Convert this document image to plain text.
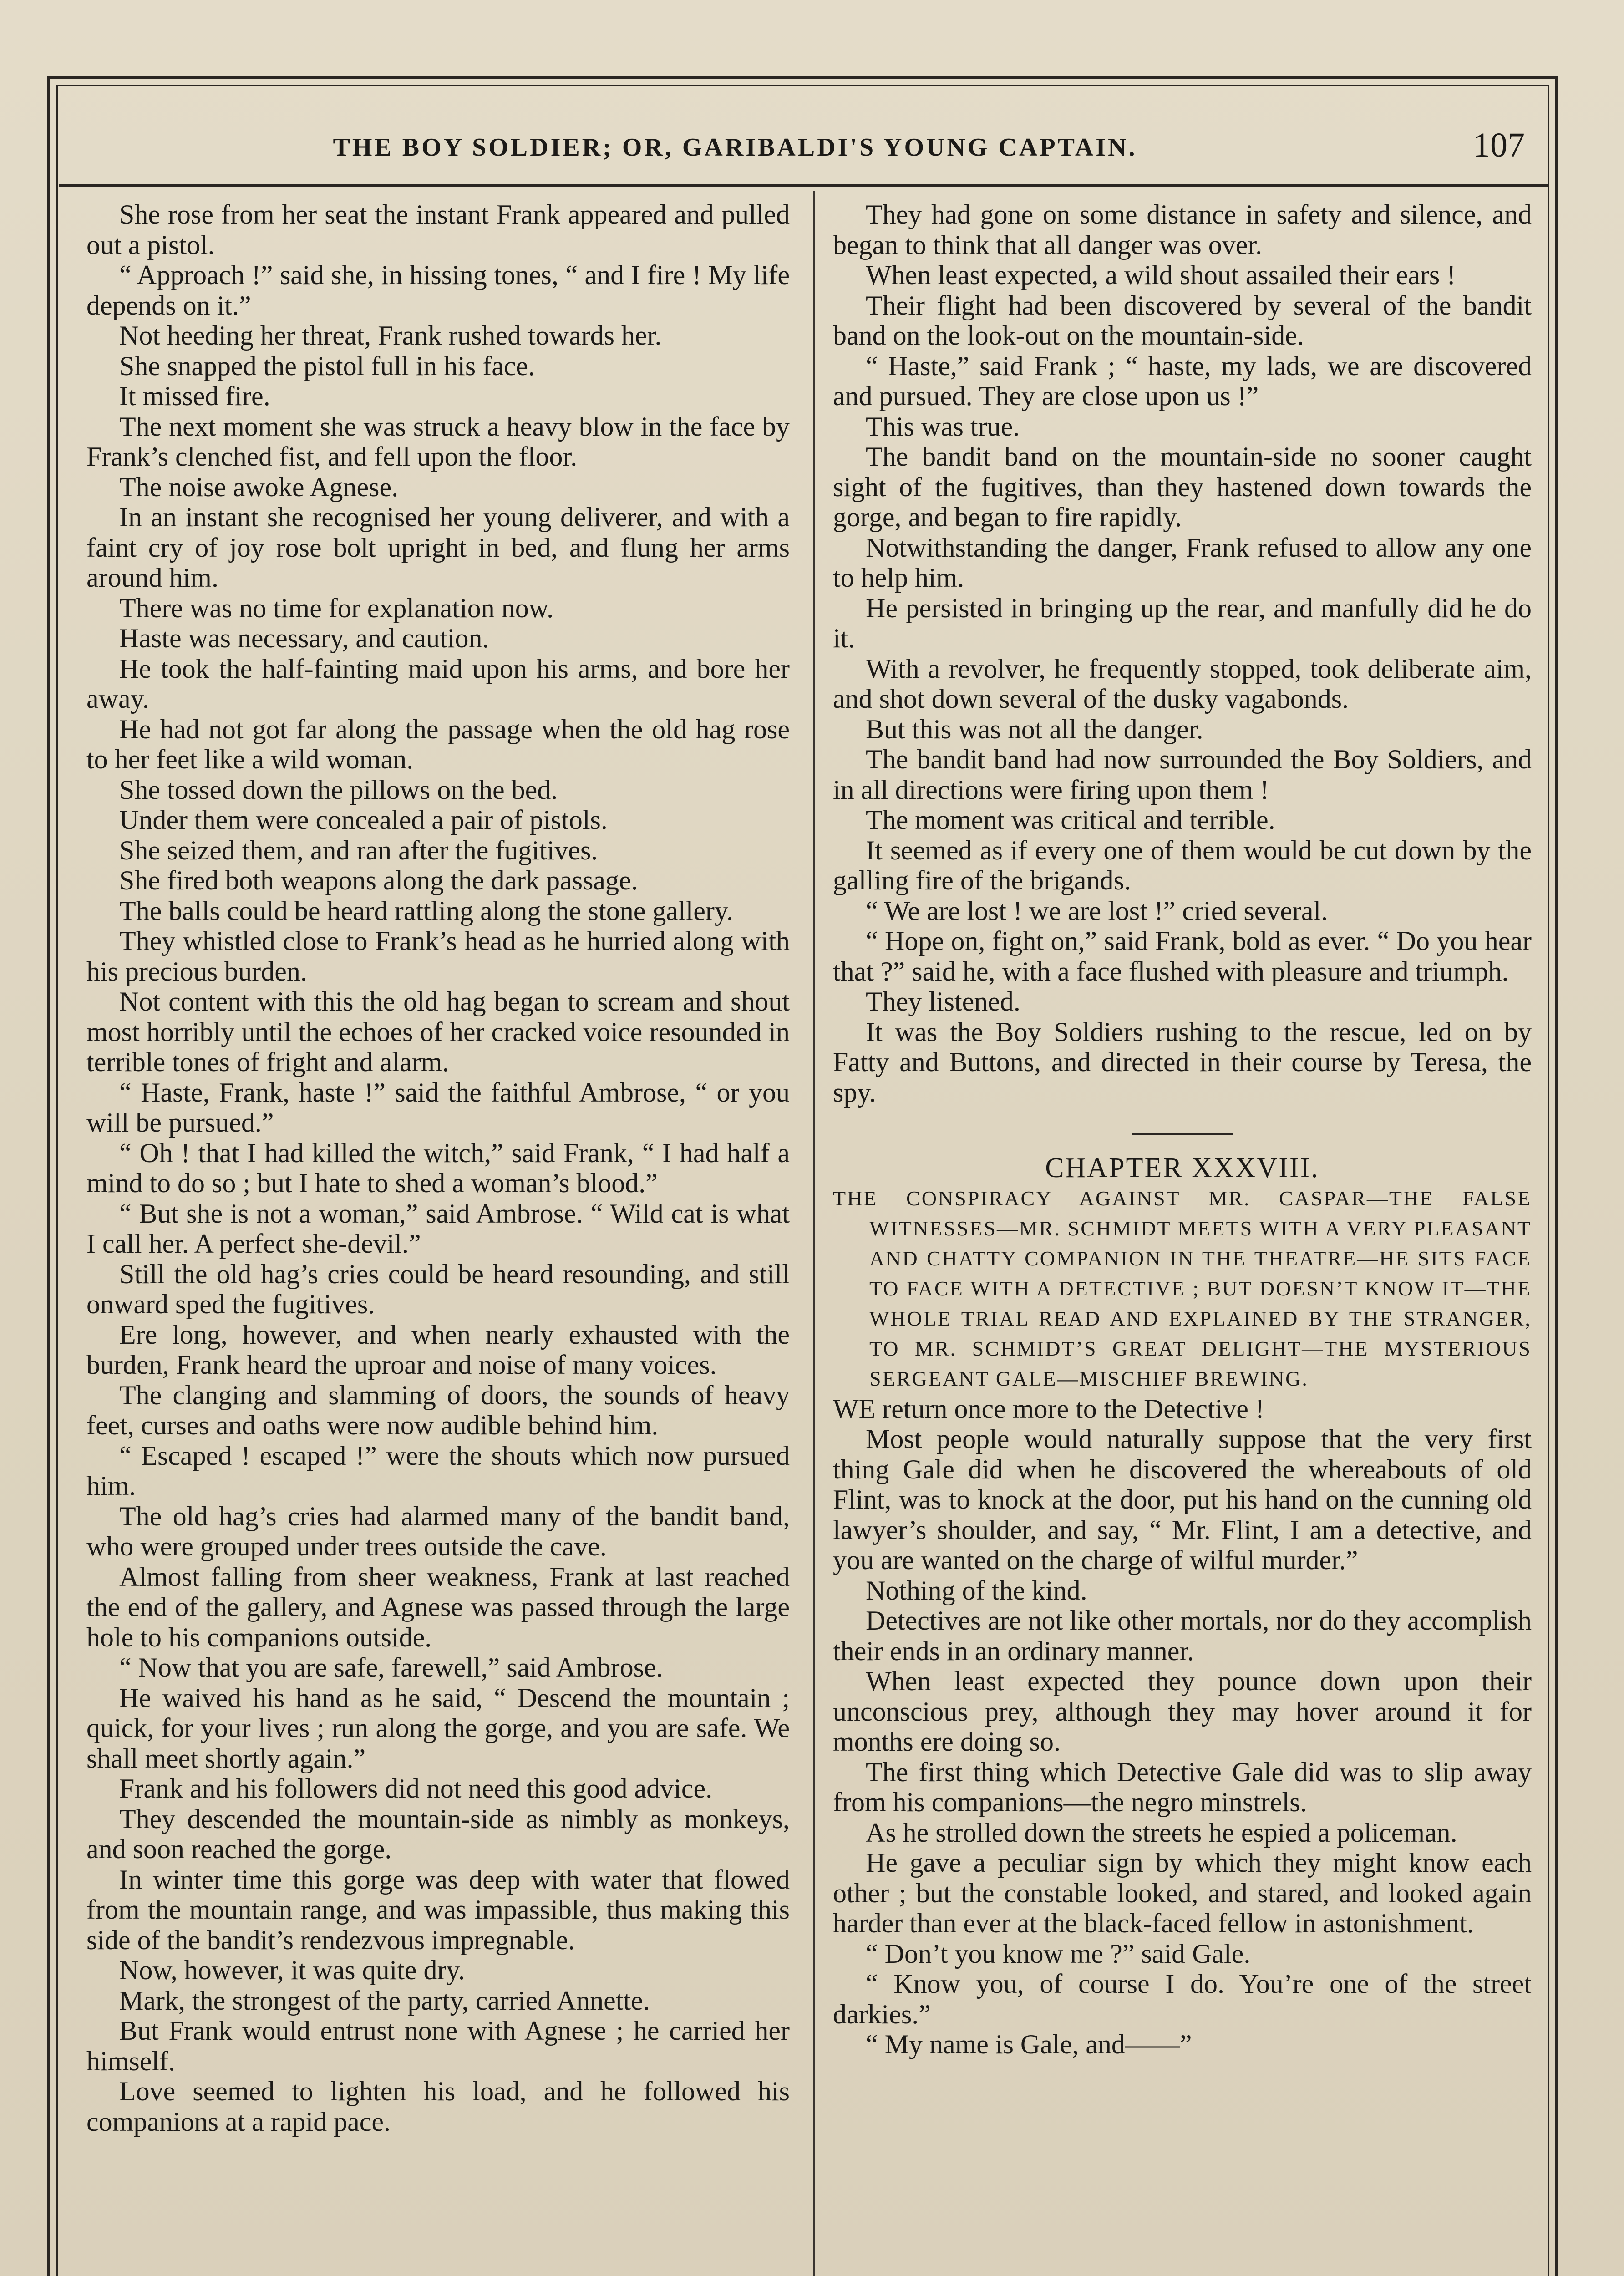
THE BOY SOLDIER; OR, GARIBALDI'S YOUNG CAPTAIN.	107

She rose from her seat the instant Frank appeared and pulled out a pistol.

“ Approach !” said she, in hissing tones, “ and I fire ! My life depends on it.”

Not heeding her threat, Frank rushed towards her.

She snapped the pistol full in his face.

It missed fire.

The next moment she was struck a heavy blow in the face by Frank’s clenched fist, and fell upon the floor.

The noise awoke Agnese.

In an instant she recognised her young deliverer, and with a faint cry of joy rose bolt upright in bed, and flung her arms around him.

There was no time for explanation now.

Haste was necessary, and caution.

He took the half-fainting maid upon his arms, and bore her away.

He had not got far along the passage when the old hag rose to her feet like a wild woman.

She tossed down the pillows on the bed.

Under them were concealed a pair of pistols.

She seized them, and ran after the fugitives.

She fired both weapons along the dark passage.

The balls could be heard rattling along the stone gallery.

They whistled close to Frank’s head as he hurried along with his precious burden.

Not content with this the old hag began to scream and shout most horribly until the echoes of her cracked voice resounded in terrible tones of fright and alarm.

“ Haste, Frank, haste !” said the faithful Ambrose, “ or you will be pursued.”

“ Oh ! that I had killed the witch,” said Frank, “ I had half a mind to do so ; but I hate to shed a woman’s blood.”

“ But she is not a woman,” said Ambrose. “ Wild cat is what I call her. A perfect she-devil.”

Still the old hag’s cries could be heard resounding, and still onward sped the fugitives.

Ere long, however, and when nearly exhausted with the burden, Frank heard the uproar and noise of many voices.

The clanging and slamming of doors, the sounds of heavy feet, curses and oaths were now audible behind him.

“ Escaped ! escaped !” were the shouts which now pursued him.

The old hag’s cries had alarmed many of the bandit band, who were grouped under trees outside the cave.

Almost falling from sheer weakness, Frank at last reached the end of the gallery, and Agnese was passed through the large hole to his companions outside.

“ Now that you are safe, farewell,” said Ambrose.

He waived his hand as he said, “ Descend the mountain ; quick, for your lives ; run along the gorge, and you are safe. We shall meet shortly again.”

Frank and his followers did not need this good advice.

They descended the mountain-side as nimbly as monkeys, and soon reached the gorge.

In winter time this gorge was deep with water that flowed from the mountain range, and was impassible, thus making this side of the bandit’s rendezvous impregnable.

Now, however, it was quite dry.

Mark, the strongest of the party, carried Annette.

But Frank would entrust none with Agnese ; he carried her himself.

Love seemed to lighten his load, and he followed his companions at a rapid pace.

They had gone on some distance in safety and silence, and began to think that all danger was over.

When least expected, a wild shout assailed their ears !

Their flight had been discovered by several of the bandit band on the look-out on the mountain-side.

“ Haste,” said Frank ; “ haste, my lads, we are discovered and pursued. They are close upon us !”

This was true.

The bandit band on the mountain-side no sooner caught sight of the fugitives, than they hastened down towards the gorge, and began to fire rapidly.

Notwithstanding the danger, Frank refused to allow any one to help him.

He persisted in bringing up the rear, and manfully did he do it.

With a revolver, he frequently stopped, took deliberate aim, and shot down several of the dusky vagabonds.

But this was not all the danger.

The bandit band had now surrounded the Boy Soldiers, and in all directions were firing upon them !

The moment was critical and terrible.

It seemed as if every one of them would be cut down by the galling fire of the brigands.

“ We are lost ! we are lost !” cried several.

“ Hope on, fight on,” said Frank, bold as ever. “ Do you hear that ?” said he, with a face flushed with pleasure and triumph.

They listened.

It was the Boy Soldiers rushing to the rescue, led on by Fatty and Buttons, and directed in their course by Teresa, the spy.

CHAPTER XXXVIII.

THE CONSPIRACY AGAINST MR. CASPAR—THE FALSE WITNESSES—MR. SCHMIDT MEETS WITH A VERY PLEASANT AND CHATTY COMPANION IN THE THEATRE—HE SITS FACE TO FACE WITH A DETECTIVE ; BUT DOESN’T KNOW IT—THE WHOLE TRIAL READ AND EXPLAINED BY THE STRANGER, TO MR. SCHMIDT’S GREAT DELIGHT—THE MYSTERIOUS SERGEANT GALE—MISCHIEF BREWING.

WE return once more to the Detective !

Most people would naturally suppose that the very first thing Gale did when he discovered the whereabouts of old Flint, was to knock at the door, put his hand on the cunning old lawyer’s shoulder, and say, “ Mr. Flint, I am a detective, and you are wanted on the charge of wilful murder.”

Nothing of the kind.

Detectives are not like other mortals, nor do they accomplish their ends in an ordinary manner.

When least expected they pounce down upon their unconscious prey, although they may hover around it for months ere doing so.

The first thing which Detective Gale did was to slip away from his companions—the negro minstrels.

As he strolled down the streets he espied a policeman.

He gave a peculiar sign by which they might know each other ; but the constable looked, and stared, and looked again harder than ever at the black-faced fellow in astonishment.

“ Don’t you know me ?” said Gale.

“ Know you, of course I do. You’re one of the street darkies.”

“ My name is Gale, and——”
